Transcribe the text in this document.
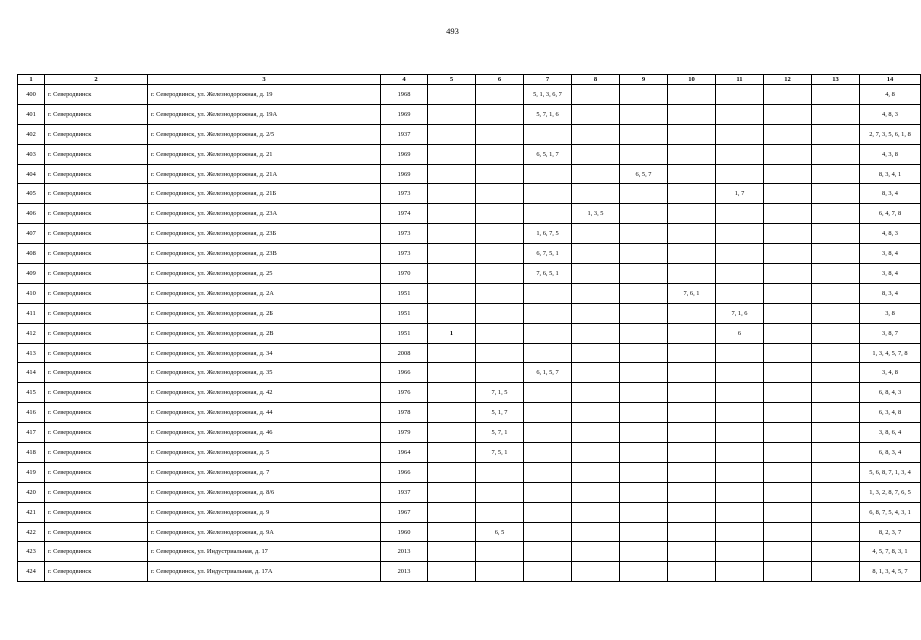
493
1	2	3	4	5	6	7	8	9	10	11	12	13	14
400	г. Северодвинск	г. Северодвинск, ул. Железнодорожная, д. 19	1968			5, 1, 3, 6, 7							4, 8
401	г. Северодвинск	г. Северодвинск, ул. Железнодорожная, д. 19А	1969			5, 7, 1, 6							4, 8, 3
402	г. Северодвинск	г. Северодвинск, ул. Железнодорожная, д. 2/5	1937										2, 7, 3, 5, 6, 1, 8
403	г. Северодвинск	г. Северодвинск, ул. Железнодорожная, д. 21	1969			6, 5, 1, 7							4, 3, 8
404	г. Северодвинск	г. Северодвинск, ул. Железнодорожная, д. 21А	1969					6, 5, 7					8, 3, 4, 1
405	г. Северодвинск	г. Северодвинск, ул. Железнодорожная, д. 21Б	1973							1, 7			8, 3, 4
406	г. Северодвинск	г. Северодвинск, ул. Железнодорожная, д. 23А	1974				1, 3, 5						6, 4, 7, 8
407	г. Северодвинск	г. Северодвинск, ул. Железнодорожная, д. 23Б	1973			1, 6, 7, 5							4, 8, 3
408	г. Северодвинск	г. Северодвинск, ул. Железнодорожная, д. 23В	1973			6, 7, 5, 1							3, 8, 4
409	г. Северодвинск	г. Северодвинск, ул. Железнодорожная, д. 25	1970			7, 6, 5, 1							3, 8, 4
410	г. Северодвинск	г. Северодвинск, ул. Железнодорожная, д. 2А	1951						7, 6, 1				8, 3, 4
411	г. Северодвинск	г. Северодвинск, ул. Железнодорожная, д. 2Б	1951							7, 1, 6			3, 8
412	г. Северодвинск	г. Северодвинск, ул. Железнодорожная, д. 2В	1951	1						6			3, 8, 7
413	г. Северодвинск	г. Северодвинск, ул. Железнодорожная, д. 34	2008										1, 3, 4, 5, 7, 8
414	г. Северодвинск	г. Северодвинск, ул. Железнодорожная, д. 35	1966			6, 1, 5, 7							3, 4, 8
415	г. Северодвинск	г. Северодвинск, ул. Железнодорожная, д. 42	1976		7, 1, 5								6, 8, 4, 3
416	г. Северодвинск	г. Северодвинск, ул. Железнодорожная, д. 44	1978		5, 1, 7								6, 3, 4, 8
417	г. Северодвинск	г. Северодвинск, ул. Железнодорожная, д. 46	1979		5, 7, 1								3, 8, 6, 4
418	г. Северодвинск	г. Северодвинск, ул. Железнодорожная, д. 5	1964		7, 5, 1								6, 8, 3, 4
419	г. Северодвинск	г. Северодвинск, ул. Железнодорожная, д. 7	1966										5, 6, 8, 7, 1, 3, 4
420	г. Северодвинск	г. Северодвинск, ул. Железнодорожная, д. 8/6	1937										1, 3, 2, 8, 7, 6, 5
421	г. Северодвинск	г. Северодвинск, ул. Железнодорожная, д. 9	1967										6, 8, 7, 5, 4, 3, 1
422	г. Северодвинск	г. Северодвинск, ул. Железнодорожная, д. 9А	1960		6, 5								8, 2, 3, 7
423	г. Северодвинск	г. Северодвинск, ул. Индустриальная, д. 17	2013										4, 5, 7, 8, 3, 1
424	г. Северодвинск	г. Северодвинск, ул. Индустриальная, д. 17А	2013										8, 1, 3, 4, 5, 7
